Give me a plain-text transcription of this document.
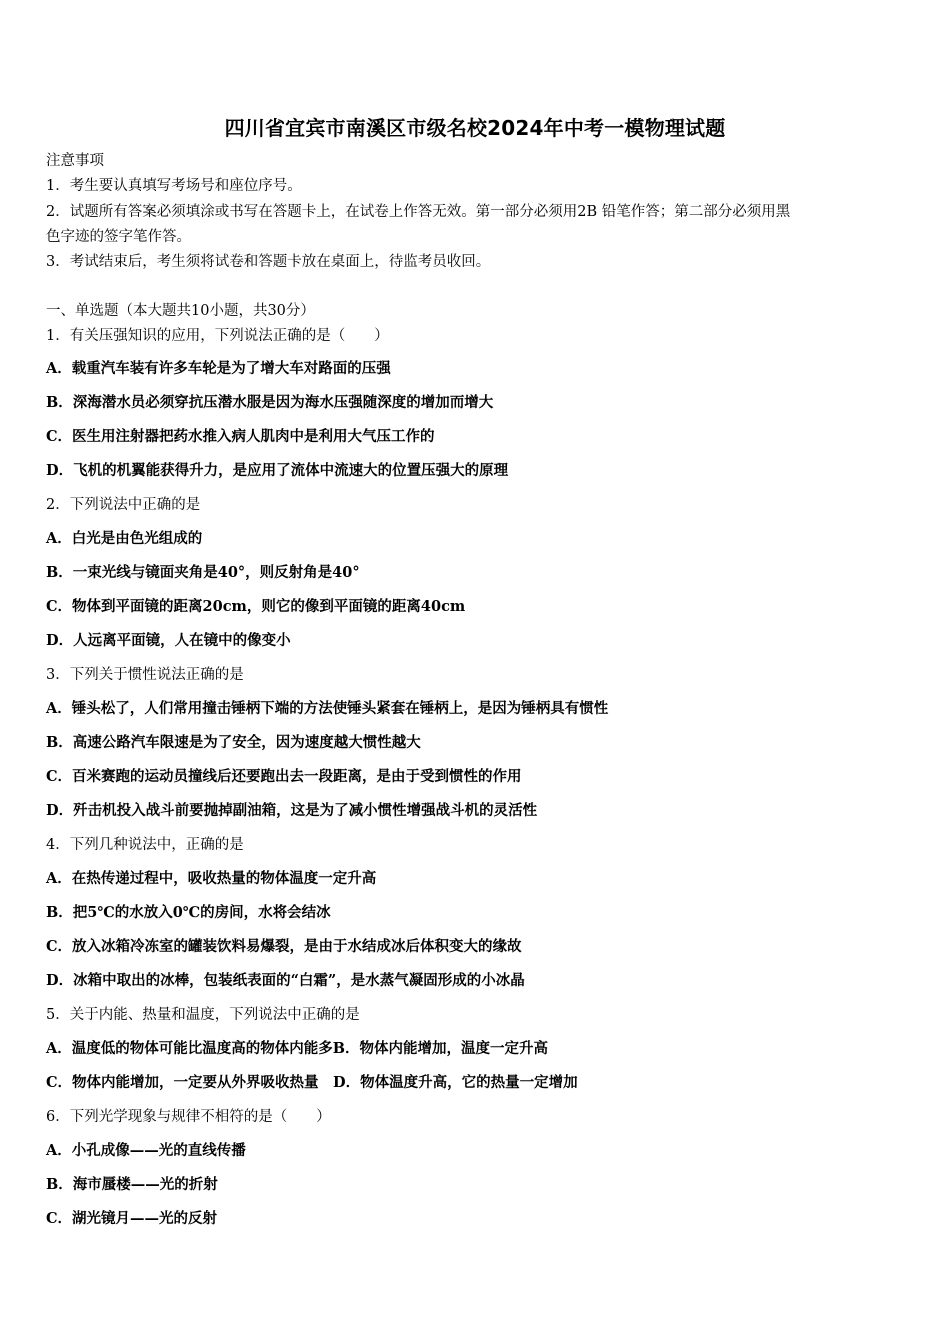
四川省宜宾市南溪区市级名校2024年中考一模物理试题
注意事项
1．考生要认真填写考场号和座位序号。
2．试题所有答案必须填涂或书写在答题卡上，在试卷上作答无效。第一部分必须用2B 铅笔作答；第二部分必须用黑
色字迹的签字笔作答。
3．考试结束后，考生须将试卷和答题卡放在桌面上，待监考员收回。
一、单选题（本大题共10小题，共30分）
1．有关压强知识的应用，下列说法正确的是（　　）
A．载重汽车装有许多车轮是为了增大车对路面的压强
B．深海潜水员必须穿抗压潜水服是因为海水压强随深度的增加而增大
C．医生用注射器把药水推入病人肌肉中是利用大气压工作的
D．飞机的机翼能获得升力，是应用了流体中流速大的位置压强大的原理
2．下列说法中正确的是
A．白光是由色光组成的
B．一束光线与镜面夹角是40°，则反射角是40°
C．物体到平面镜的距离20cm，则它的像到平面镜的距离40cm
D．人远离平面镜，人在镜中的像变小
3．下列关于惯性说法正确的是
A．锤头松了，人们常用撞击锤柄下端的方法使锤头紧套在锤柄上，是因为锤柄具有惯性
B．高速公路汽车限速是为了安全，因为速度越大惯性越大
C．百米赛跑的运动员撞线后还要跑出去一段距离，是由于受到惯性的作用
D．歼击机投入战斗前要抛掉副油箱，这是为了减小惯性增强战斗机的灵活性
4．下列几种说法中，正确的是
A．在热传递过程中，吸收热量的物体温度一定升高
B．把5℃的水放入0℃的房间，水将会结冰
C．放入冰箱冷冻室的罐装饮料易爆裂，是由于水结成冰后体积变大的缘故
D．冰箱中取出的冰棒，包装纸表面的“白霜”，是水蒸气凝固形成的小冰晶
5．关于内能、热量和温度，下列说法中正确的是
A．温度低的物体可能比温度高的物体内能多B．物体内能增加，温度一定升高
C．物体内能增加，一定要从外界吸收热量　D．物体温度升高，它的热量一定增加
6．下列光学现象与规律不相符的是（　　）
A．小孔成像——光的直线传播
B．海市蜃楼——光的折射
C．湖光镜月——光的反射
